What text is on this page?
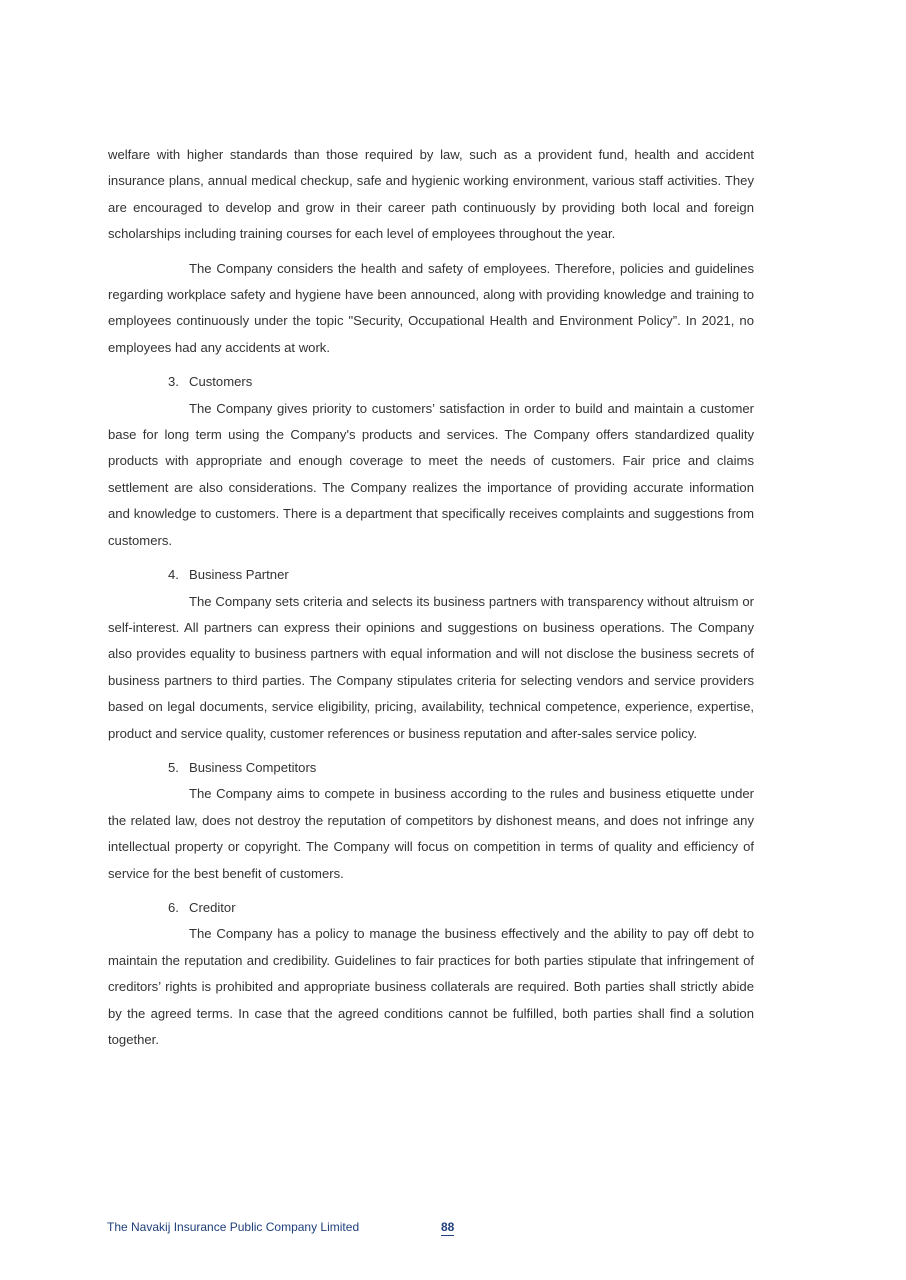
welfare with higher standards than those required by law, such as a provident fund, health and accident insurance plans, annual medical checkup, safe and hygienic working environment, various staff activities. They are encouraged to develop and grow in their career path continuously by providing both local and foreign scholarships including training courses for each level of employees throughout the year.

The Company considers the health and safety of employees. Therefore, policies and guidelines regarding workplace safety and hygiene have been announced, along with providing knowledge and training to employees continuously under the topic "Security, Occupational Health and Environment Policy”. In 2021, no employees had any accidents at work.

3. Customers

The Company gives priority to customers’ satisfaction in order to build and maintain a customer base for long term using the Company's products and services. The Company offers standardized quality products with appropriate and enough coverage to meet the needs of customers. Fair price and claims settlement are also considerations. The Company realizes the importance of providing accurate information and knowledge to customers. There is a department that specifically receives complaints and suggestions from customers.

4. Business Partner

The Company sets criteria and selects its business partners with transparency without altruism or self-interest. All partners can express their opinions and suggestions on business operations. The Company also provides equality to business partners with equal information and will not disclose the business secrets of business partners to third parties. The Company stipulates criteria for selecting vendors and service providers based on legal documents, service eligibility, pricing, availability, technical competence, experience, expertise, product and service quality, customer references or business reputation and after-sales service policy.

5. Business Competitors

The Company aims to compete in business according to the rules and business etiquette under the related law, does not destroy the reputation of competitors by dishonest means, and does not infringe any intellectual property or copyright. The Company will focus on competition in terms of quality and efficiency of service for the best benefit of customers.

6. Creditor

The Company has a policy to manage the business effectively and the ability to pay off debt to maintain the reputation and credibility. Guidelines to fair practices for both parties stipulate that infringement of creditors’ rights is prohibited and appropriate business collaterals are required. Both parties shall strictly abide by the agreed terms. In case that the agreed conditions cannot be fulfilled, both parties shall find a solution together.

The Navakij Insurance Public Company Limited	88
